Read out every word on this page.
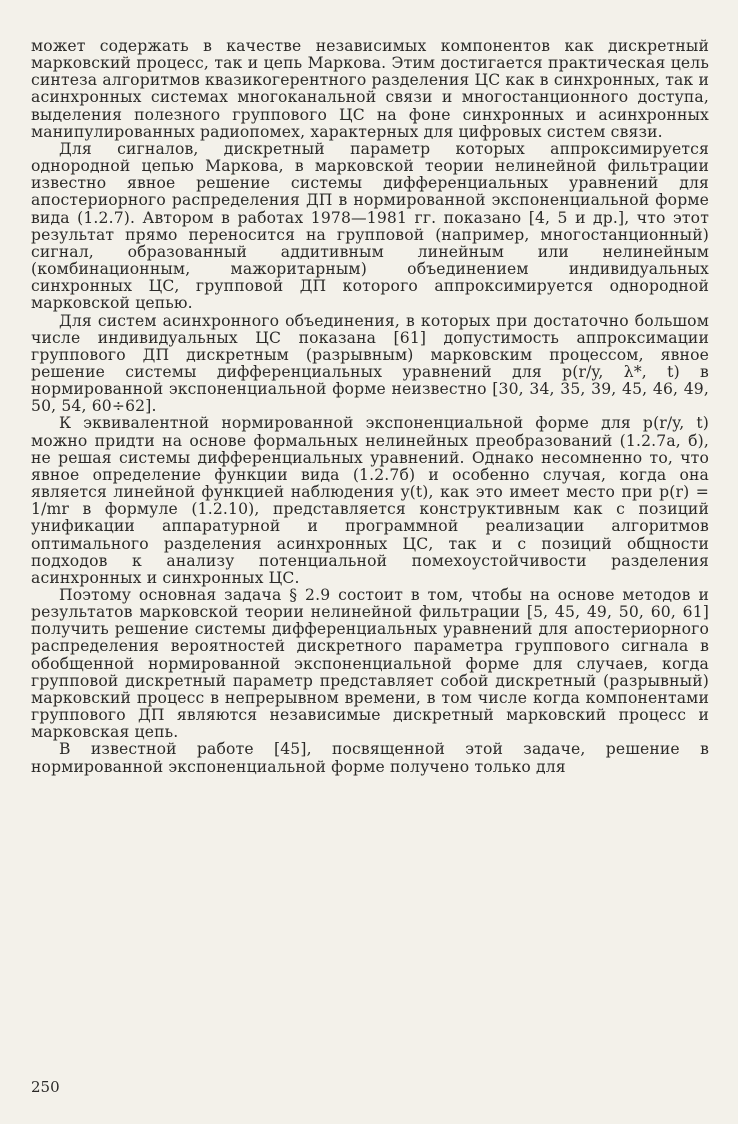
может содержать в качестве независимых компонентов как дискретный марковский процесс, так и цепь Маркова. Этим достигается практическая цель синтеза алгоритмов квазикогерентного разделения ЦС как в синхронных, так и асинхронных системах многоканальной связи и многостанционного доступа, выделения полезного группового ЦС на фоне синхронных и асинхронных манипулированных радиопомех, характерных для цифровых систем связи.

Для сигналов, дискретный параметр которых аппроксимируется однородной цепью Маркова, в марковской теории нелинейной фильтрации известно явное решение системы дифференциальных уравнений для апостериорного распределения ДП в нормированной экспоненциальной форме вида (1.2.7). Автором в работах 1978—1981 гг. показано [4, 5 и др.], что этот результат прямо переносится на групповой (например, многостанционный) сигнал, образованный аддитивным линейным или нелинейным (комбинационным, мажоритарным) объединением индивидуальных синхронных ЦС, групповой ДП которого аппроксимируется однородной марковской цепью.

Для систем асинхронного объединения, в которых при достаточно большом числе индивидуальных ЦС показана [61] допустимость аппроксимации группового ДП дискретным (разрывным) марковским процессом, явное решение системы дифференциальных уравнений для p(r/y, λ*, t) в нормированной экспоненциальной форме неизвестно [30, 34, 35, 39, 45, 46, 49, 50, 54, 60÷62].

К эквивалентной нормированной экспоненциальной форме для p(r/y, t) можно придти на основе формальных нелинейных преобразований (1.2.7а, б), не решая системы дифференциальных уравнений. Однако несомненно то, что явное определение функции вида (1.2.7б) и особенно случая, когда она является линейной функцией наблюдения y(t), как это имеет место при p(r) = 1/mr в формуле (1.2.10), представляется конструктивным как с позиций унификации аппаратурной и программной реализации алгоритмов оптимального разделения асинхронных ЦС, так и с позиций общности подходов к анализу потенциальной помехоустойчивости разделения асинхронных и синхронных ЦС.

Поэтому основная задача § 2.9 состоит в том, чтобы на основе методов и результатов марковской теории нелинейной фильтрации [5, 45, 49, 50, 60, 61] получить решение системы дифференциальных уравнений для апостериорного распределения вероятностей дискретного параметра группового сигнала в обобщенной нормированной экспоненциальной форме для случаев, когда групповой дискретный параметр представляет собой дискретный (разрывный) марковский процесс в непрерывном времени, в том числе когда компонентами группового ДП являются независимые дискретный марковский процесс и марковская цепь.

В известной работе [45], посвященной этой задаче, решение в нормированной экспоненциальной форме получено только для

250
